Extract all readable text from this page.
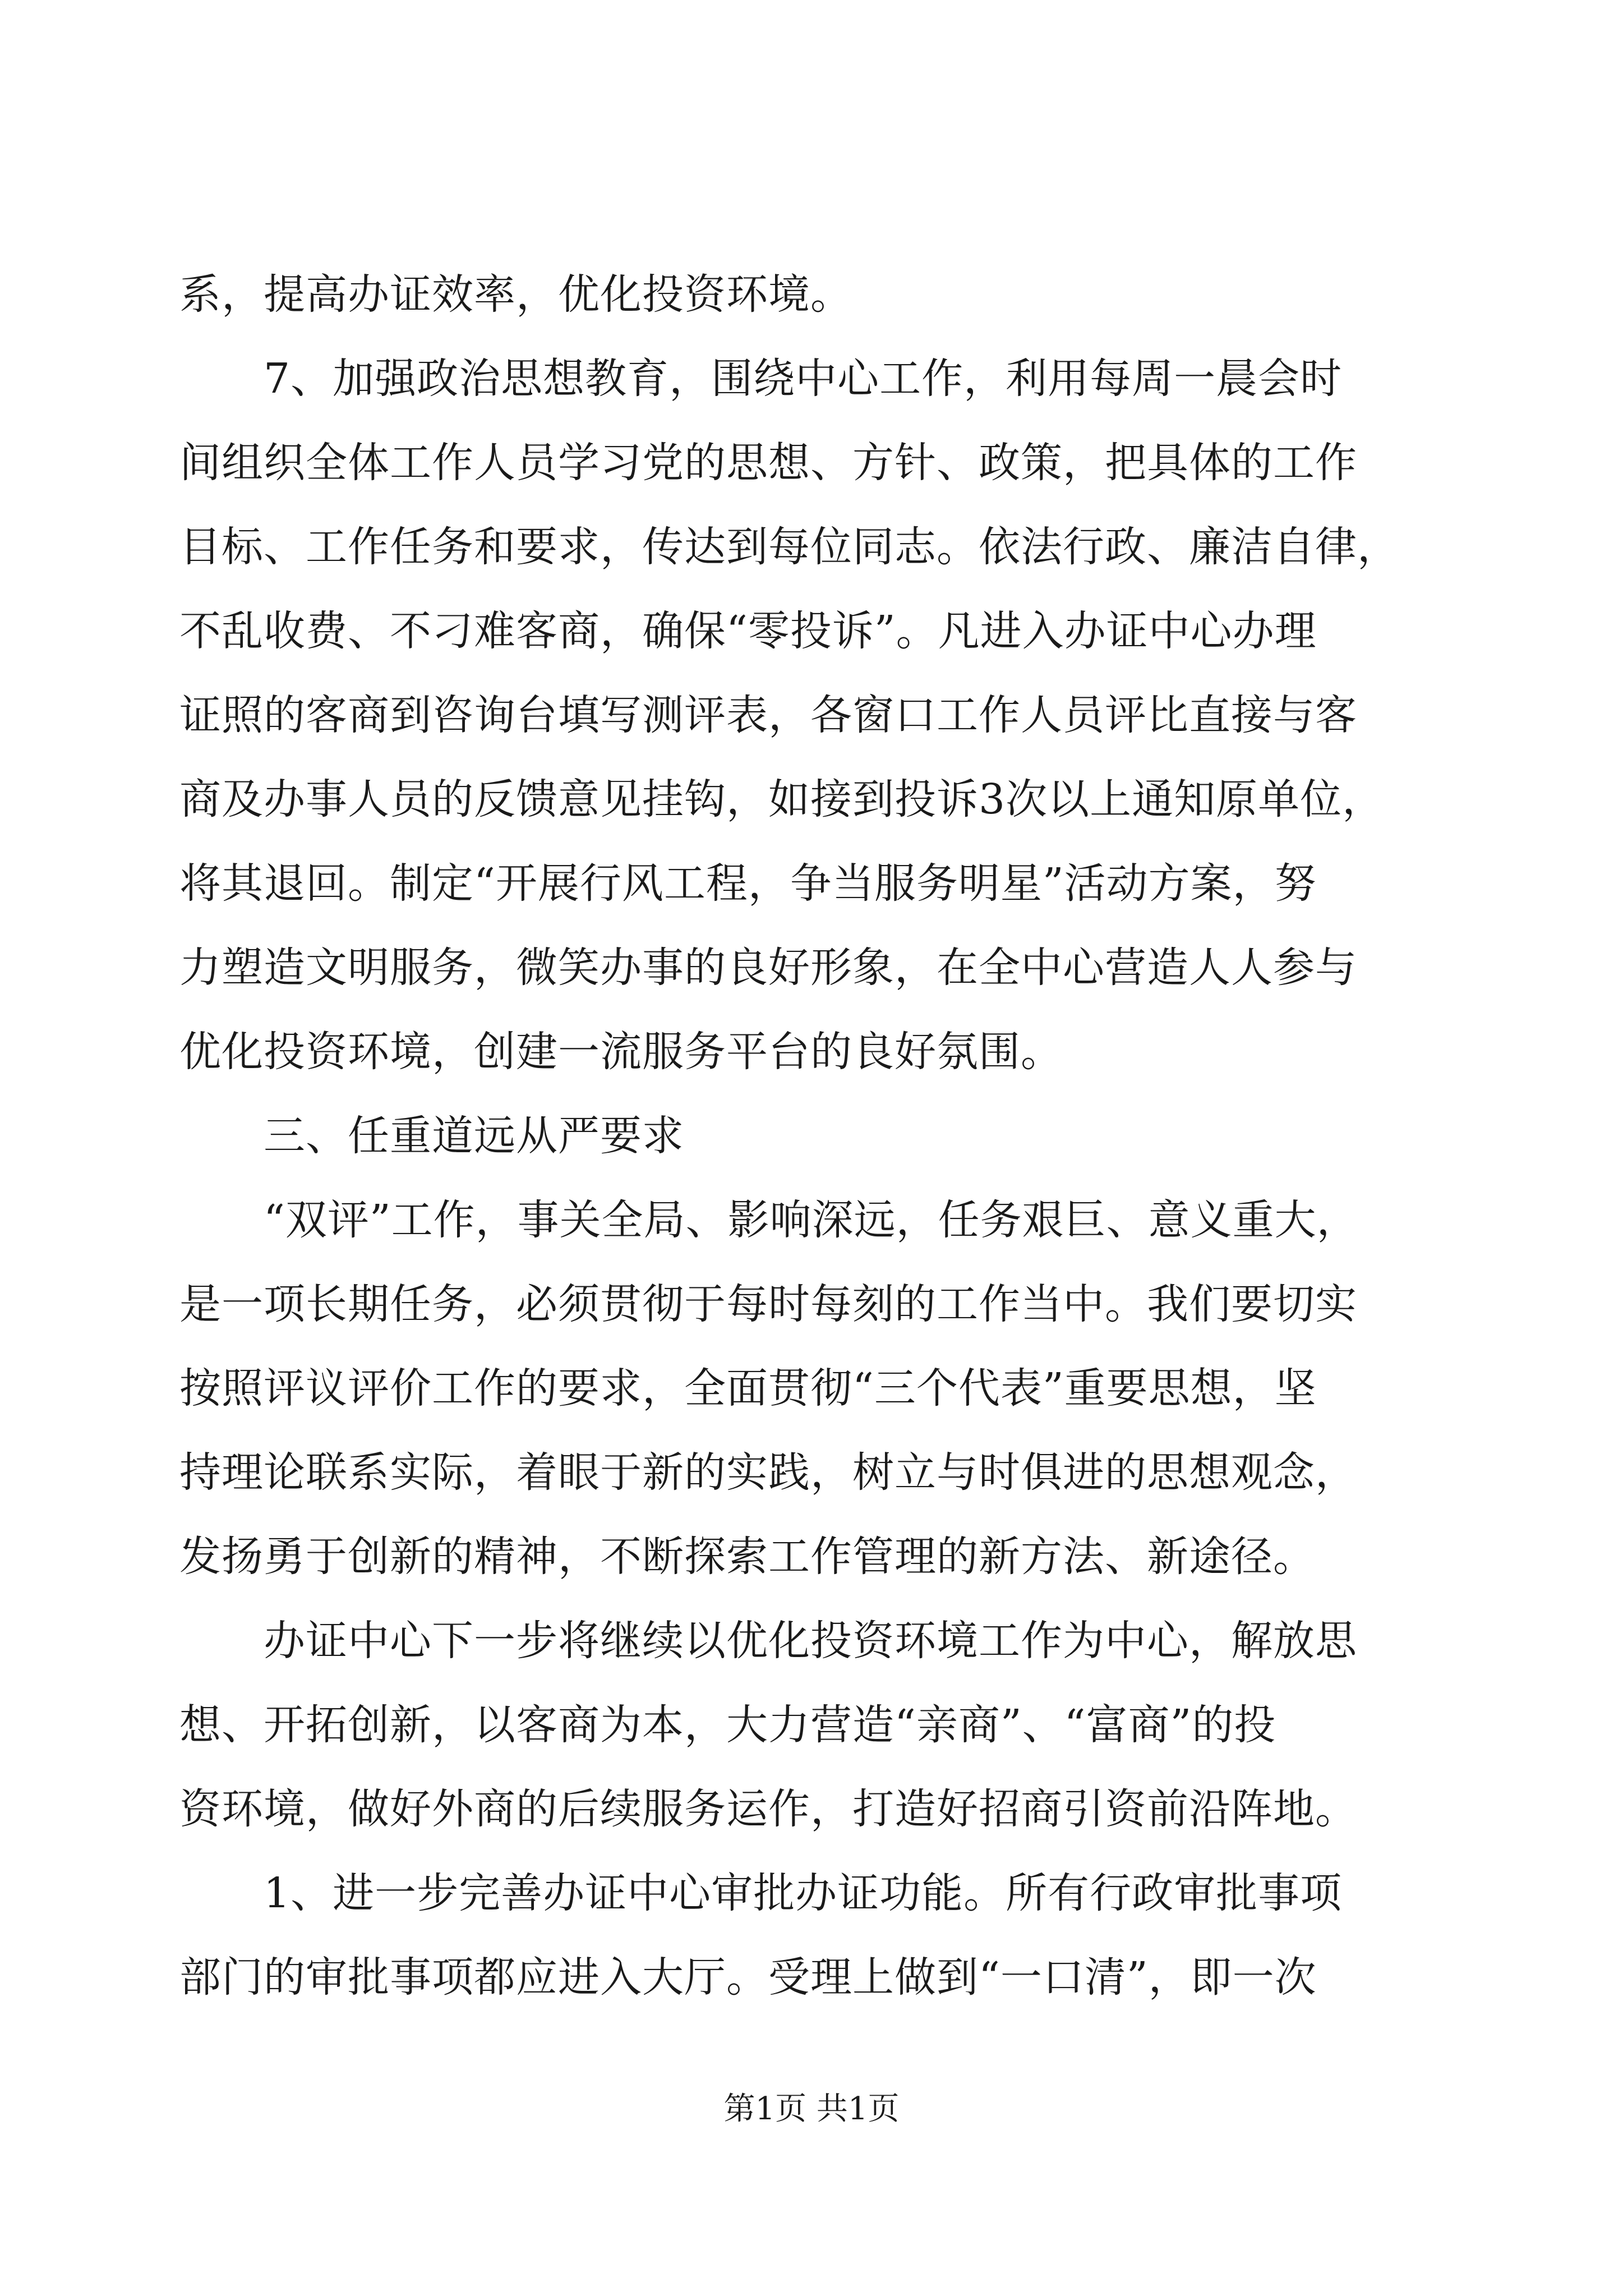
系，提高办证效率，优化投资环境。
7、加强政治思想教育，围绕中心工作，利用每周一晨会时
间组织全体工作人员学习党的思想、方针、政策，把具体的工作
目标、工作任务和要求，传达到每位同志。依法行政、廉洁自律，
不乱收费、不刁难客商，确保“零投诉”。凡进入办证中心办理
证照的客商到咨询台填写测评表，各窗口工作人员评比直接与客
商及办事人员的反馈意见挂钩，如接到投诉3次以上通知原单位，
将其退回。制定“开展行风工程，争当服务明星”活动方案，努
力塑造文明服务，微笑办事的良好形象，在全中心营造人人参与
优化投资环境，创建一流服务平台的良好氛围。
三、任重道远从严要求
“双评”工作，事关全局、影响深远，任务艰巨、意义重大，
是一项长期任务，必须贯彻于每时每刻的工作当中。我们要切实
按照评议评价工作的要求，全面贯彻“三个代表”重要思想，坚
持理论联系实际，着眼于新的实践，树立与时俱进的思想观念，
发扬勇于创新的精神，不断探索工作管理的新方法、新途径。
办证中心下一步将继续以优化投资环境工作为中心，解放思
想、开拓创新，以客商为本，大力营造“亲商”、“富商”的投
资环境，做好外商的后续服务运作，打造好招商引资前沿阵地。
1、进一步完善办证中心审批办证功能。所有行政审批事项
部门的审批事项都应进入大厅。受理上做到“一口清”，即一次
第1页 共1页
